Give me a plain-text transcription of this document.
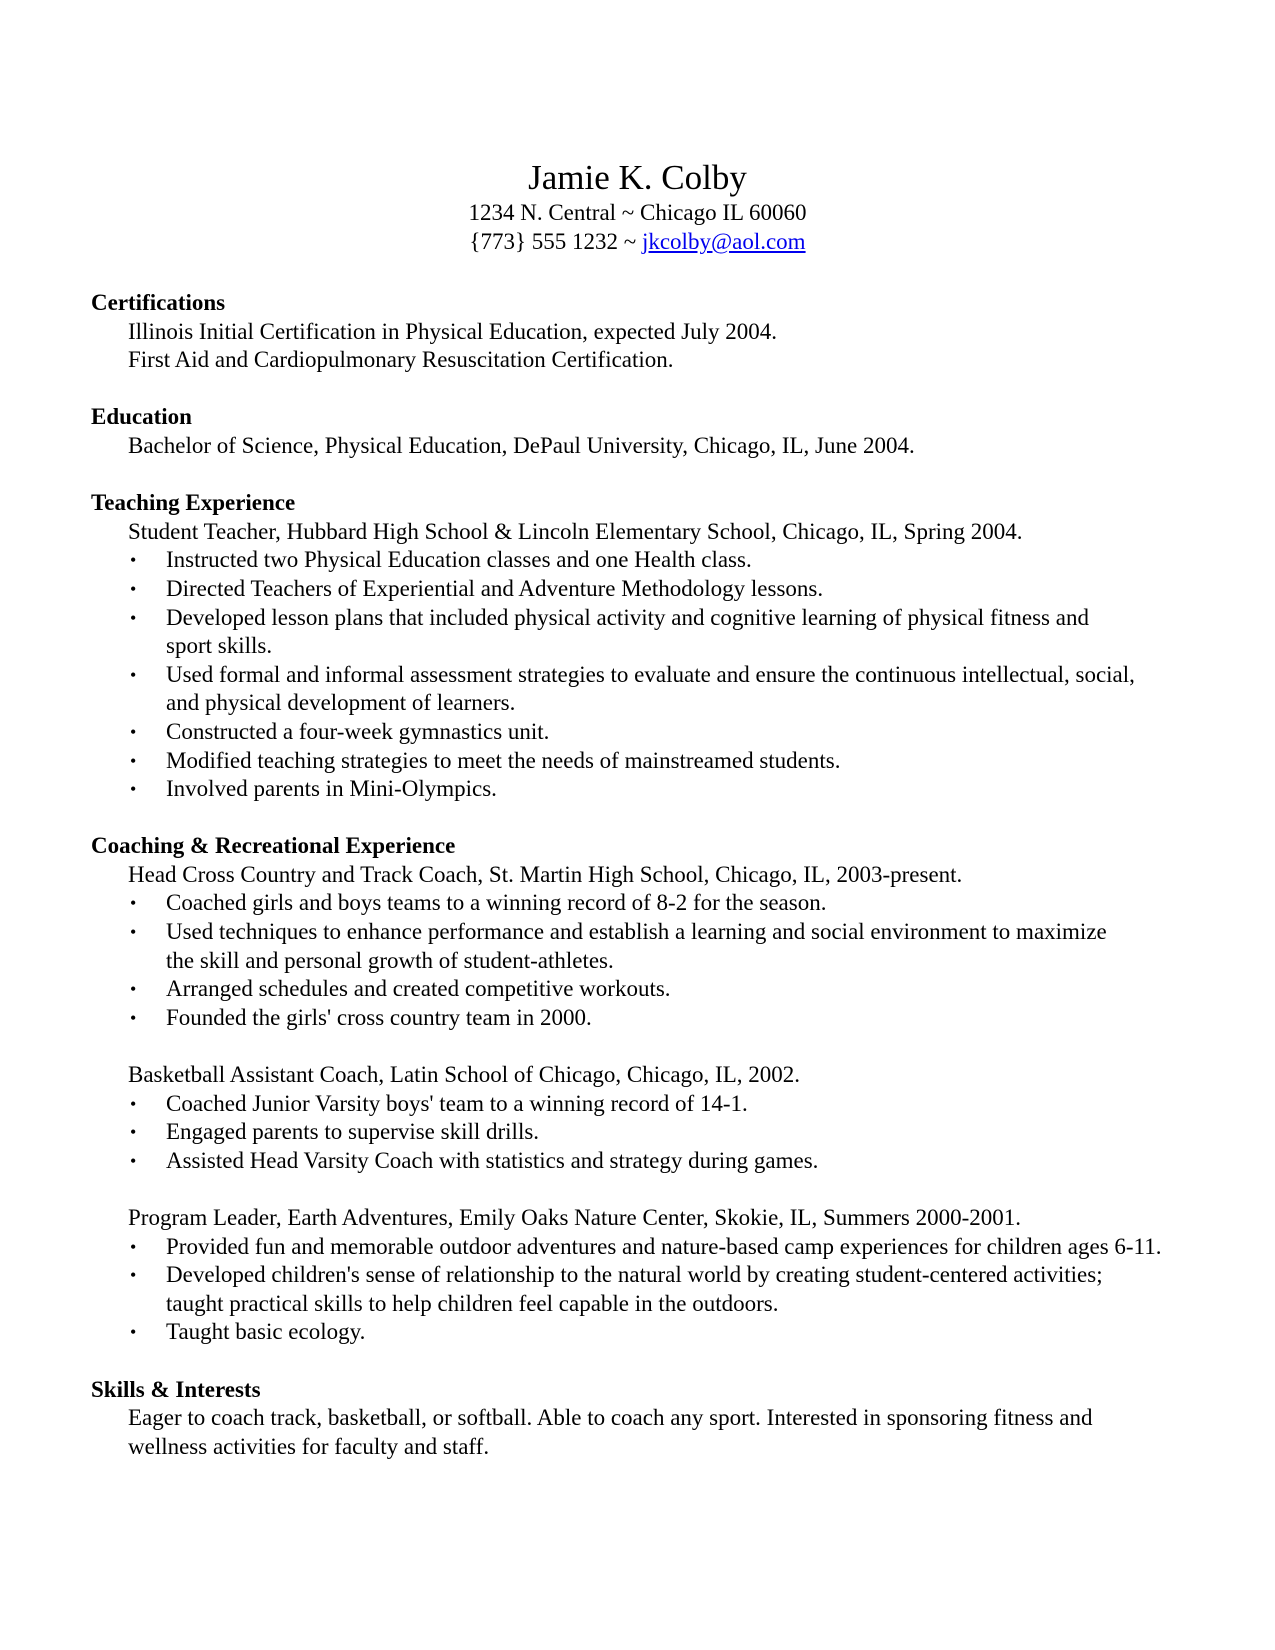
Jamie K. Colby
1234 N. Central ~ Chicago IL 60060
{773} 555 1232 ~ jkcolby@aol.com
Certifications
Illinois Initial Certification in Physical Education, expected July 2004.
First Aid and Cardiopulmonary Resuscitation Certification.
Education
Bachelor of Science, Physical Education, DePaul University, Chicago, IL, June 2004.
Teaching Experience
Student Teacher, Hubbard High School & Lincoln Elementary School, Chicago, IL, Spring 2004.
• Instructed two Physical Education classes and one Health class.
• Directed Teachers of Experiential and Adventure Methodology lessons.
• Developed lesson plans that included physical activity and cognitive learning of physical fitness and sport skills.
• Used formal and informal assessment strategies to evaluate and ensure the continuous intellectual, social, and physical development of learners.
• Constructed a four-week gymnastics unit.
• Modified teaching strategies to meet the needs of mainstreamed students.
• Involved parents in Mini-Olympics.
Coaching & Recreational Experience
Head Cross Country and Track Coach, St. Martin High School, Chicago, IL, 2003-present.
• Coached girls and boys teams to a winning record of 8-2 for the season.
• Used techniques to enhance performance and establish a learning and social environment to maximize the skill and personal growth of student-athletes.
• Arranged schedules and created competitive workouts.
• Founded the girls' cross country team in 2000.
Basketball Assistant Coach, Latin School of Chicago, Chicago, IL, 2002.
• Coached Junior Varsity boys' team to a winning record of 14-1.
• Engaged parents to supervise skill drills.
• Assisted Head Varsity Coach with statistics and strategy during games.
Program Leader, Earth Adventures, Emily Oaks Nature Center, Skokie, IL, Summers 2000-2001.
• Provided fun and memorable outdoor adventures and nature-based camp experiences for children ages 6-11.
• Developed children's sense of relationship to the natural world by creating student-centered activities; taught practical skills to help children feel capable in the outdoors.
• Taught basic ecology.
Skills & Interests
Eager to coach track, basketball, or softball. Able to coach any sport. Interested in sponsoring fitness and wellness activities for faculty and staff.
